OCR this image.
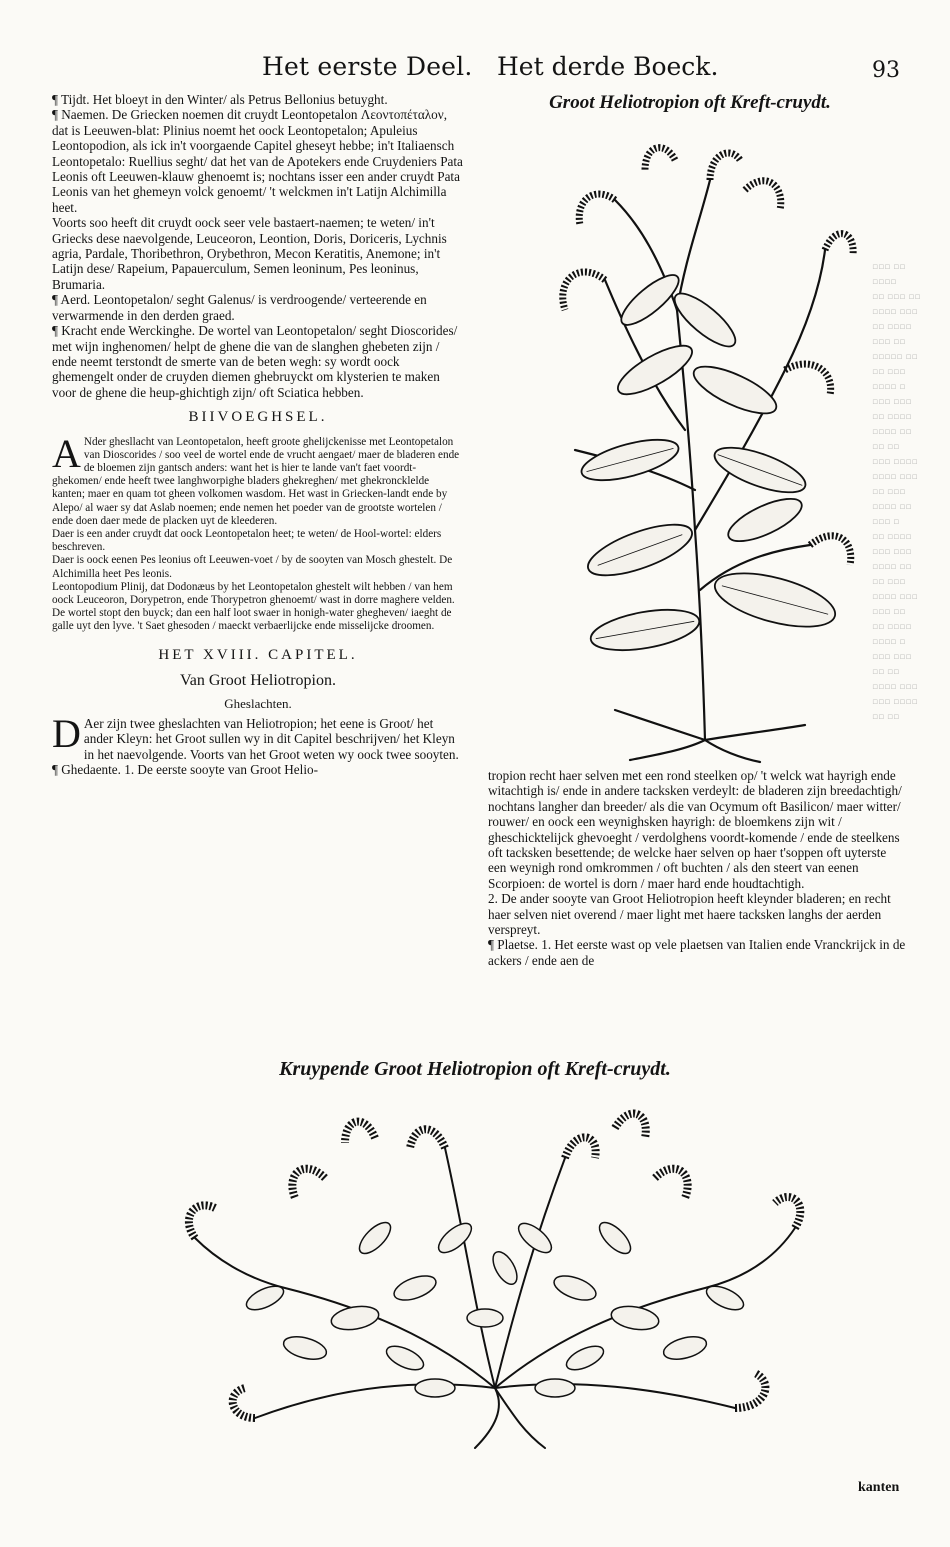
Het eerste Deel. Het derde Boeck.	93
▫▫▫ ▫▫ ▫▫▫▫
▫▫ ▫▫▫ ▫▫
▫▫▫▫ ▫▫▫
▫▫ ▫▫▫▫
▫▫▫ ▫▫
▫▫▫▫▫ ▫▫
▫▫ ▫▫▫
▫▫▫▫ ▫
▫▫▫ ▫▫▫
▫▫ ▫▫▫▫
▫▫▫▫ ▫▫
▫▫ ▫▫
▫▫▫ ▫▫▫▫
▫▫▫▫ ▫▫▫
▫▫ ▫▫▫
▫▫▫▫ ▫▫
▫▫▫ ▫
▫▫ ▫▫▫▫
▫▫▫ ▫▫▫
▫▫▫▫ ▫▫
▫▫ ▫▫▫
▫▫▫▫ ▫▫▫
▫▫▫ ▫▫
▫▫ ▫▫▫▫
▫▫▫▫ ▫
▫▫▫ ▫▫▫
▫▫ ▫▫
▫▫▫▫ ▫▫▫
▫▫▫ ▫▫▫▫
▫▫ ▫▫
Groot Heliotropion oft Kreft-cruydt.

¶ Tijdt. Het bloeyt in den Winter/ als Petrus Bellonius betuyght.

¶ Naemen. De Griecken noemen dit cruydt Leontopetalon Λεοντοπέταλον, dat is Leeuwen-blat: Plinius noemt het oock Leontopetalon; Apuleius Leontopodion, als ick in't voorgaende Capitel gheseyt hebbe; in't Italiaensch Leontopetalo: Ruellius seght/ dat het van de Apotekers ende Cruydeniers Pata Leonis oft Leeuwen-klauw ghenoemt is; nochtans isser een ander cruydt Pata Leonis van het ghemeyn volck genoemt/ 't welckmen in't Latijn Alchimilla heet.

Voorts soo heeft dit cruydt oock seer vele bastaert-naemen; te weten/ in't Griecks dese naevolgende, Leuceoron, Leontion, Doris, Doriceris, Lychnis agria, Pardale, Thoribethron, Orybethron, Mecon Keratitis, Anemone; in't Latijn dese/ Rapeium, Papauerculum, Semen leoninum, Pes leoninus, Brumaria.

¶ Aerd. Leontopetalon/ seght Galenus/ is verdroogende/ verteerende en verwarmende in den derden graed.

¶ Kracht ende Werckinghe. De wortel van Leontopetalon/ seght Dioscorides/ met wijn inghenomen/ helpt de ghene die van de slanghen ghebeten zijn / ende neemt terstondt de smerte van de beten wegh: sy wordt oock ghemengelt onder de cruyden diemen ghebruyckt om klysterien te maken voor de ghene die heup-ghichtigh zijn/ oft Sciatica hebben.

BIIVOEGHSEL.

A Nder ghesllacht van Leontopetalon, heeft groote ghelijckenisse met Leontopetalon van Dioscorides / soo veel de wortel ende de vrucht aengaet/ maer de bladeren ende de bloemen zijn gantsch anders: want het is hier te lande van't faet voordt-ghekomen/ ende heeft twee langhworpighe bladers ghekreghen/ met ghekroncklelde kanten; maer en quam tot gheen volkomen wasdom. Het wast in Griecken-landt ende by Alepo/ al waer sy dat Aslab noemen; ende nemen het poeder van de grootste wortelen / ende doen daer mede de placken uyt de kleederen.

Daer is een ander cruydt dat oock Leontopetalon heet; te weten/ de Hool-wortel: elders beschreven.

Daer is oock eenen Pes leonius oft Leeuwen-voet / by de sooyten van Mosch ghestelt. De Alchimilla heet Pes leonis.

Leontopodium Plinij, dat Dodonæus by het Leontopetalon ghestelt wilt hebben / van hem oock Leuceoron, Dorypetron, ende Thorypetron ghenoemt/ wast in dorre maghere velden. De wortel stopt den buyck; dan een half loot swaer in honigh-water ghegheven/ iaeght de galle uyt den lyve. 't Saet ghesoden / maeckt verbaerlijcke ende misselijcke droomen.

HET XVIII. CAPITEL.
Van Groot Heliotropion.
Gheslachten.

D Aer zijn twee gheslachten van Heliotropion; het eene is Groot/ het ander Kleyn: het Groot sullen wy in dit Capitel beschrijven/ het Kleyn in het naevolgende. Voorts van het Groot weten wy oock twee sooyten.

¶ Ghedaente. 1. De eerste sooyte van Groot Helio-	tropion recht haer selven met een rond steelken op/ 't welck wat hayrigh ende witachtigh is/ ende in andere tacksken verdeylt: de bladeren zijn breedachtigh/ nochtans langher dan breeder/ als die van Ocymum oft Basilicon/ maer witter/ rouwer/ en oock een weynighsken hayrigh: de bloemkens zijn wit / gheschicktelijck ghevoeght / verdolghens voordt-komende / ende de steelkens oft tacksken besettende; de welcke haer selven op haer t'soppen oft uyterste een weynigh rond omkrommen / oft buchten / als den steert van eenen Scorpioen: de wortel is dorn / maer hard ende houdtachtigh.

2. De ander sooyte van Groot Heliotropion heeft kleynder bladeren; en recht haer selven niet overend / maer light met haere tacksken langhs der aerden verspreyt.

¶ Plaetse. 1. Het eerste wast op vele plaetsen van Italien ende Vranckrijck in de ackers / ende aen de

Kruypende Groot Heliotropion oft Kreft-cruydt.
kanten
